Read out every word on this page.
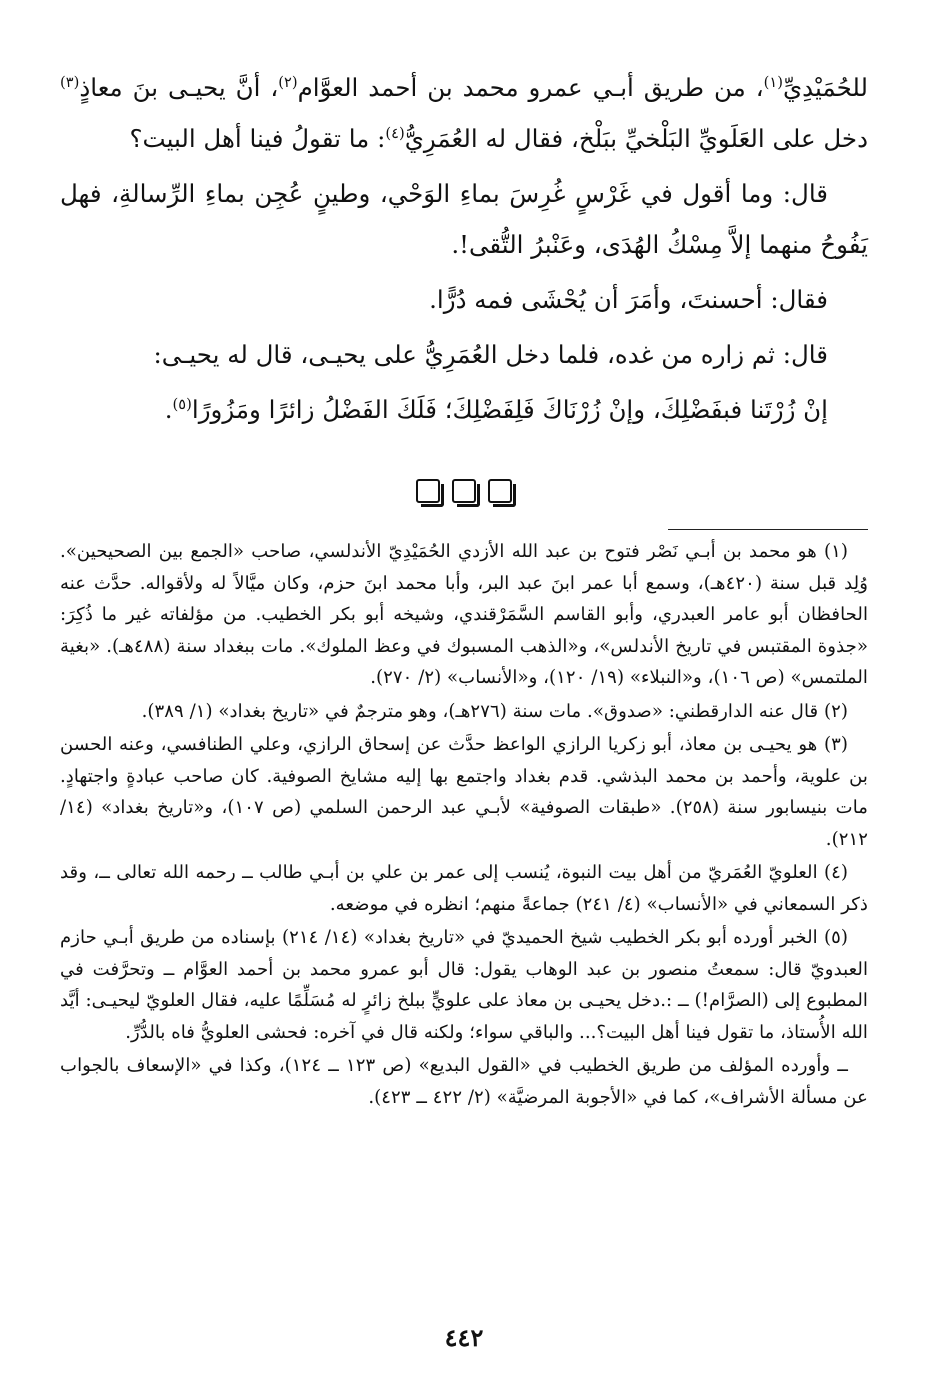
للحُمَيْدِيِّ$^{(١)}$، من طريق أبـي عمرو محمد بن أحمد العوَّام$^{(٢)}$، أنَّ يحيـى بنَ معاذٍ$^{(٣)}$ دخل على العَلَويِّ البَلْخيِّ ببَلْخ، فقال له العُمَرِيُّ$^{(٤)}$: ما تقولُ فينا أهل البيت؟

قال: وما أقول في غَرْسٍ غُرِسَ بماءِ الوَحْي، وطينٍ عُجِن بماءِ الرِّسالةِ، فهل يَفُوحُ منهما إلاَّ مِسْكُ الهُدَى، وعَنْبرُ التُّقى!.

فقال: أحسنتَ، وأمَرَ أن يُحْشَى فمه دُرًّا.

قال: ثم زاره من غده، فلما دخل العُمَرِيُّ على يحيـى، قال له يحيـى:

إنْ زُرْتَنا فبفَضْلِكَ، وإنْ زُرْنَاكَ فَلِفَضْلِكَ؛ فَلَكَ الفَضْلُ زائرًا ومَزُورًا$^{(٥)}$.

(١) هو محمد بن أبـي نَصْر فتوح بن عبد الله الأزدي الحُمَيْدِيّ الأندلسي، صاحب «الجمع بين الصحيحين». وُلِد قبل سنة (٤٢٠هـ)، وسمع أبا عمر ابنَ عبد البر، وأبا محمد ابنَ حزم، وكان ميَّالاً له ولأقواله. حدَّث عنه الحافظان أبو عامر العبدري، وأبو القاسم السَّمَرْقندي، وشيخه أبو بكر الخطيب. من مؤلفاته غير ما ذُكِرَ: «جذوة المقتبس في تاريخ الأندلس»، و«الذهب المسبوك في وعظ الملوك». مات ببغداد سنة (٤٨٨هـ). «بغية الملتمس» (ص ١٠٦)، و«النبلاء» (١٩/ ١٢٠)، و«الأنساب» (٢/ ٢٧٠).

(٢) قال عنه الدارقطني: «صدوق». مات سنة (٢٧٦هـ)، وهو مترجمٌ في «تاريخ بغداد» (١/ ٣٨٩).

(٣) هو يحيـى بن معاذ، أبو زكريا الرازي الواعظ حدَّث عن إسحاق الرازي، وعلي الطنافسي، وعنه الحسن بن علوية، وأحمد بن محمد البذشي. قدم بغداد واجتمع بها إليه مشايخ الصوفية. كان صاحب عبادةٍ واجتهادٍ. مات بنيسابور سنة (٢٥٨). «طبقات الصوفية» لأبـي عبد الرحمن السلمي (ص ١٠٧)، و«تاريخ بغداد» (١٤/ ٢١٢).

(٤) العلويّ العُمَريّ من أهل بيت النبوة، يُنسب إلى عمر بن علي بن أبـي طالب ــ رحمه الله تعالى ــ، وقد ذكر السمعاني في «الأنساب» (٤/ ٢٤١) جماعةً منهم؛ انظره في موضعه.

(٥) الخبر أورده أبو بكر الخطيب شيخ الحميديّ في «تاريخ بغداد» (١٤/ ٢١٤) بإسناده من طريق أبـي حازم العبدويّ قال: سمعتُ منصور بن عبد الوهاب يقول: قال أبو عمرو محمد بن أحمد العوَّام ــ وتحرَّفت في المطبوع إلى (الصرَّام!) ــ :.دخل يحيـى بن معاذ على علويٍّ ببلخ زائرٍ له مُسَلِّمًا عليه، فقال العلويّ ليحيـى: أيَّد الله الأُستاذ، ما تقول فينا أهل البيت؟... والباقي سواء؛ ولكنه قال في آخره: فحشى العلويُّ فاه بالدُّرِّ.

ــ وأورده المؤلف من طريق الخطيب في «القول البديع» (ص ١٢٣ ــ ١٢٤)، وكذا في «الإسعاف بالجواب عن مسألة الأشراف»، كما في «الأجوبة المرضيَّة» (٢/ ٤٢٢ ــ ٤٢٣).

٤٤٢
